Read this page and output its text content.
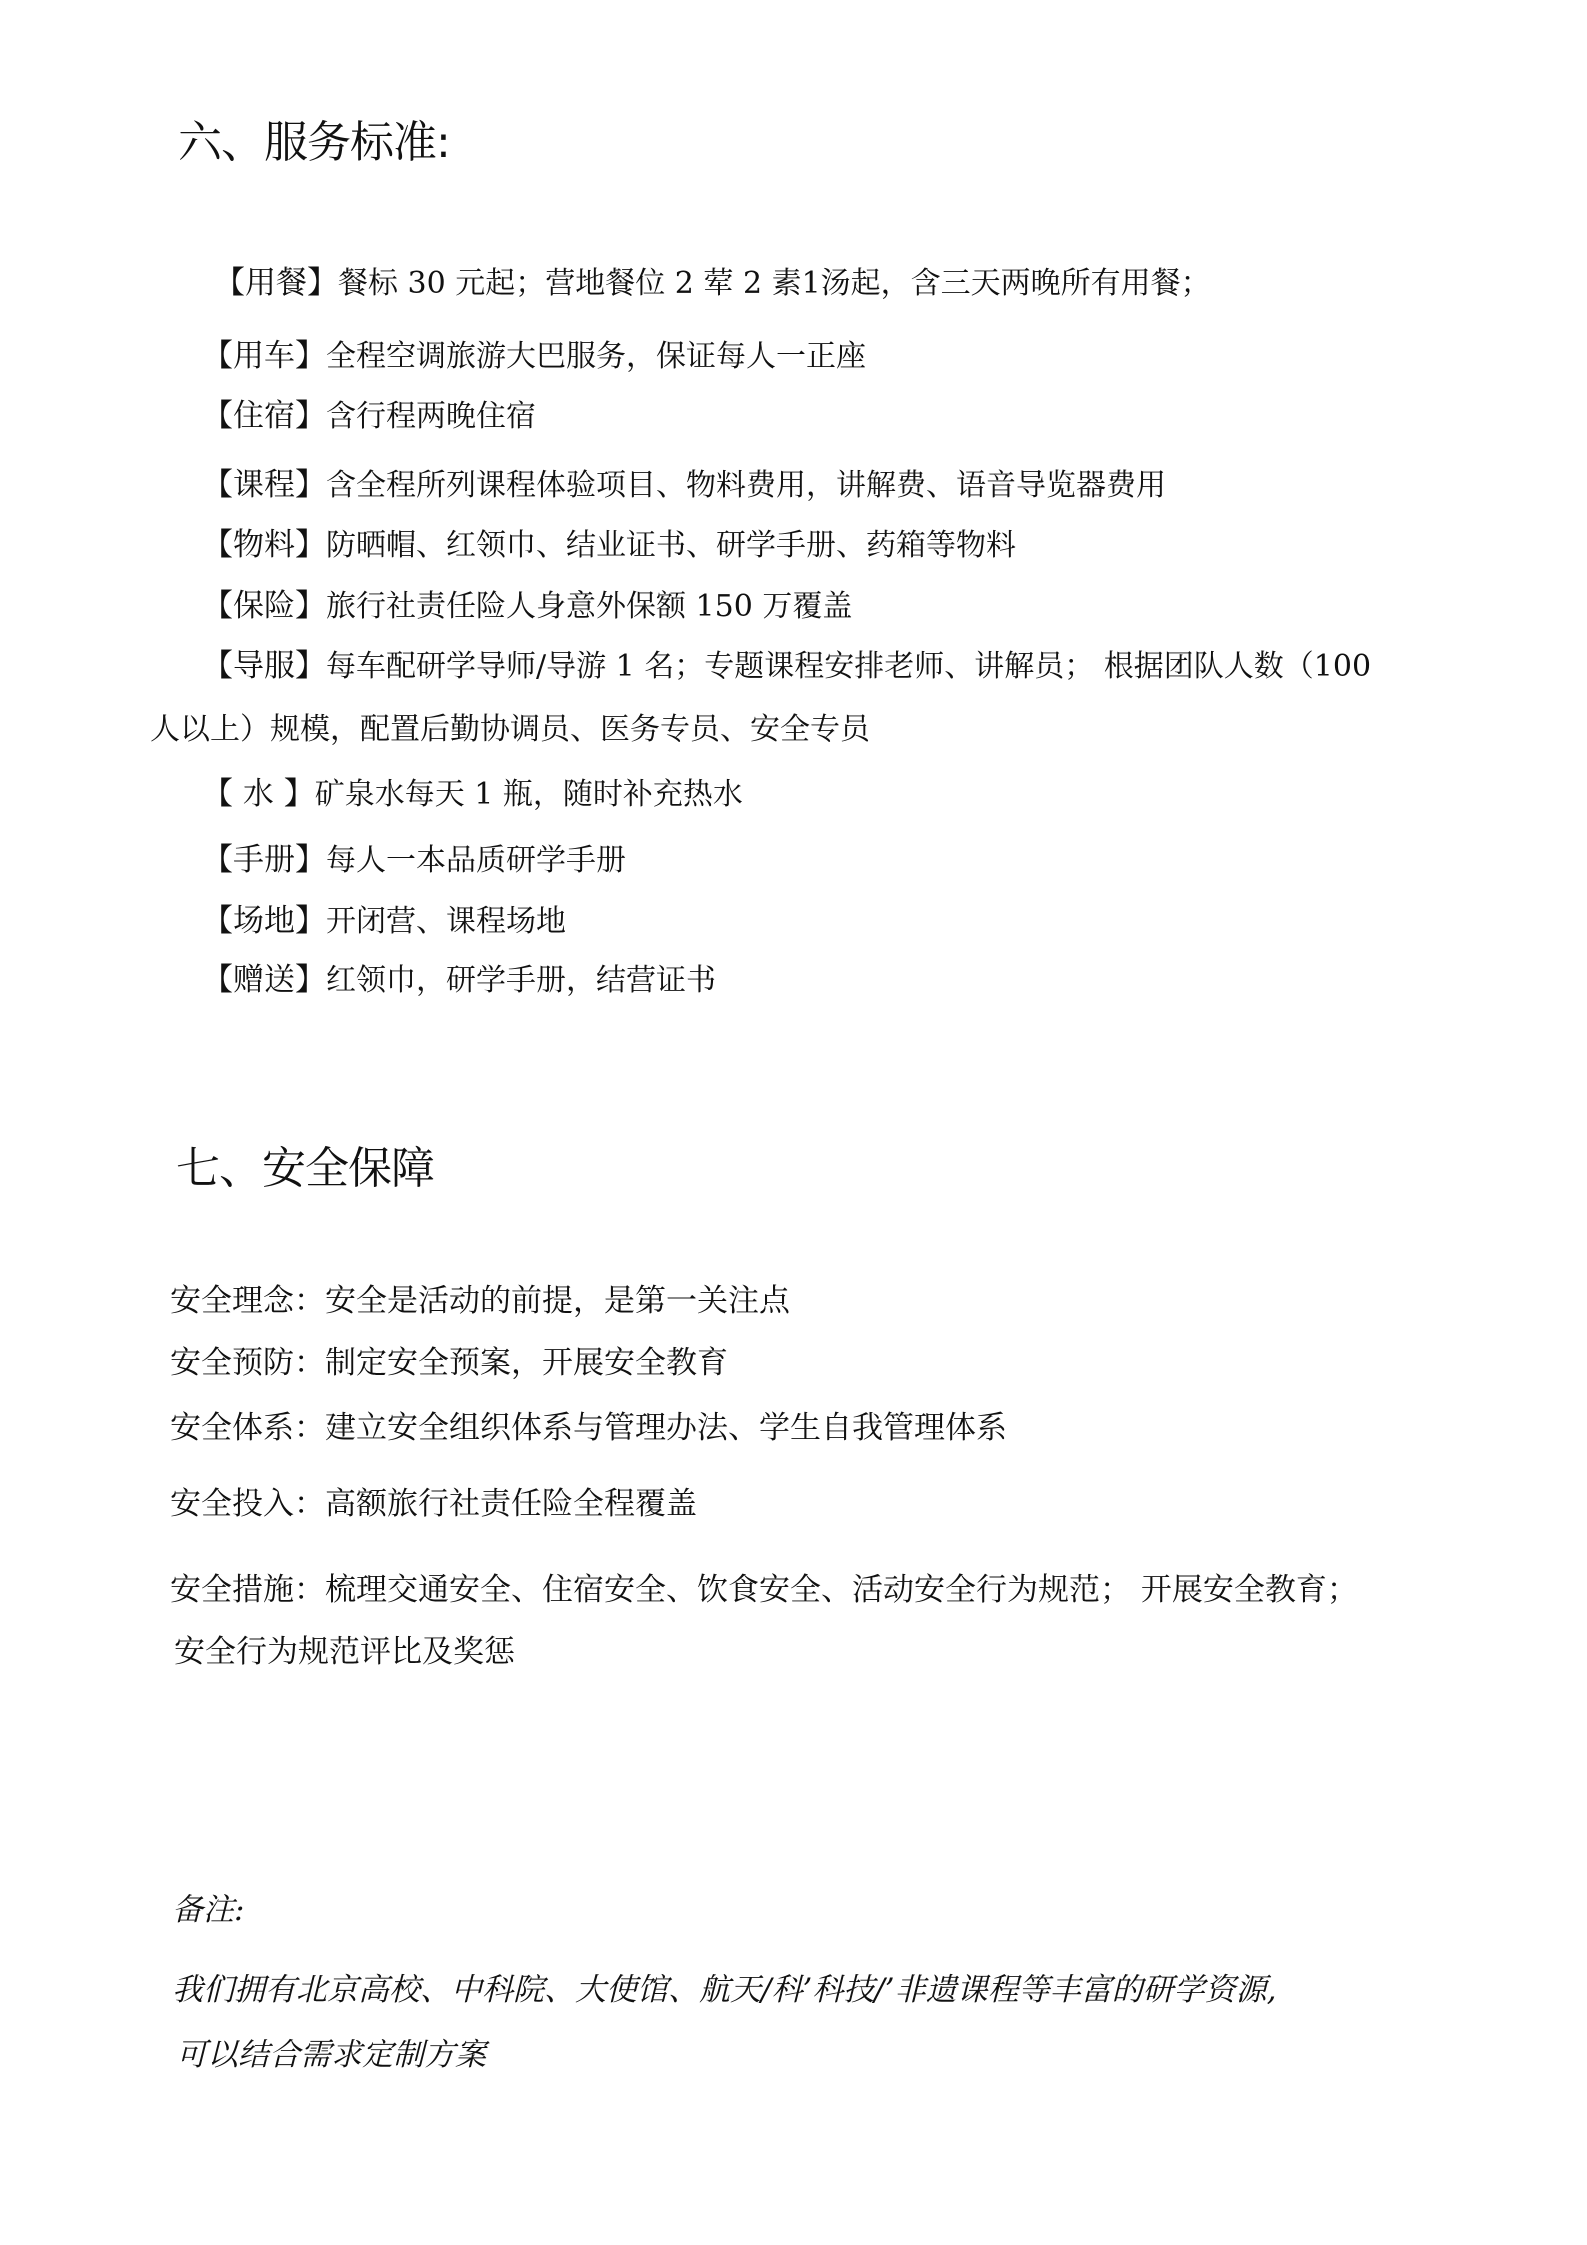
六、服务标准:
【用餐】餐标 30 元起；营地餐位 2 荤 2 素1汤起，含三天两晚所有用餐；
【用车】全程空调旅游大巴服务，保证每人一正座
【住宿】含行程两晚住宿
【课程】含全程所列课程体验项目、物料费用，讲解费、语音导览器费用
【物料】防晒帽、红领巾、结业证书、研学手册、药箱等物料
【保险】旅行社责任险人身意外保额 150 万覆盖
【导服】每车配研学导师/导游 1 名；专题课程安排老师、讲解员； 根据团队人数（100
人以上）规模，配置后勤协调员、医务专员、安全专员
【 水 】矿泉水每天 1 瓶，随时补充热水
【手册】每人一本品质研学手册
【场地】开闭营、课程场地
【赠送】红领巾，研学手册，结营证书
七、安全保障
安全理念：安全是活动的前提，是第一关注点
安全预防：制定安全预案，开展安全教育
安全体系：建立安全组织体系与管理办法、学生自我管理体系
安全投入：高额旅行社责任险全程覆盖
安全措施：梳理交通安全、住宿安全、饮食安全、活动安全行为规范； 开展安全教育；
安全行为规范评比及奖惩
备注:
我们拥有北京高校、中科院、大使馆、航天/科’科技/’非遗课程等丰富的研学资源,
可以结合需求定制方案
